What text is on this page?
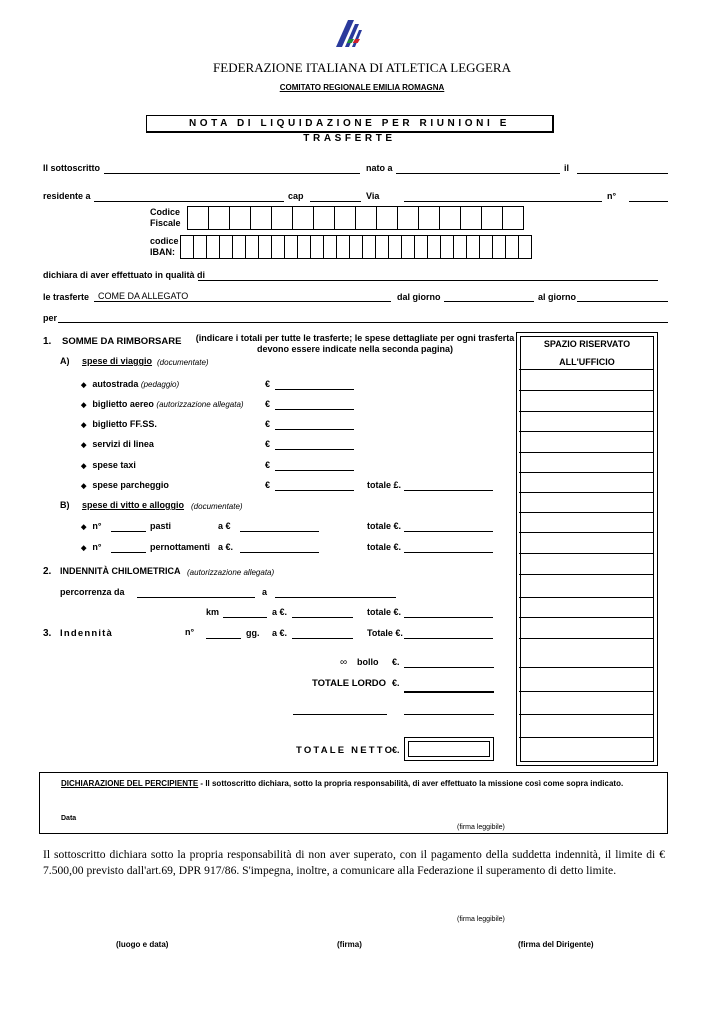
FEDERAZIONE ITALIANA DI ATLETICA LEGGERA
COMITATO REGIONALE EMILIA ROMAGNA
NOTA DI LIQUIDAZIONE PER RIUNIONI E TRASFERTE
Il sottoscritto	nato a	il
residente a	cap	Via	n°
Codice Fiscale
codice IBAN:
dichiara di aver effettuato in qualità di
le trasferte COME DA ALLEGATO	dal giorno	al giorno
per
1. SOMME DA RIMBORSARE	(indicare i totali per tutte le trasferte; le spese dettagliate per ogni trasferta
devono essere indicate nella seconda pagina)
A) spese di viaggio (documentate)
◆ autostrada (pedaggio)	€
◆ biglietto aereo (autorizzazione allegata) €
◆ biglietto FF.SS.	€
◆ servizi di linea	€
◆ spese taxi	€
◆ spese parcheggio	€	totale £.
B) spese di vitto e alloggio (documentate)
◆ n°	pasti	a €	totale €.
◆ n°	pernottamenti a €.	totale €.
2. INDENNITÀ CHILOMETRICA (autorizzazione allegata)
percorrenza da	a
km	a €.	totale €.
3. Indennità	n°	gg. a €.	Totale €.
∞ bollo €.
TOTALE LORDO €.
TOTALE NETTO
€.
SPAZIO RISERVATO
ALL'UFFICIO
DICHIARAZIONE DEL PERCIPIENTE - Il sottoscritto dichiara, sotto la propria responsabilità, di aver effettuato la missione così come sopra indicato.
Data
(firma leggibile)
Il sottoscritto dichiara sotto la propria responsabilità di non aver superato, con il pagamento della suddetta indennità, il limite di € 7.500,00 previsto dall'art.69, DPR 917/86. S'impegna, inoltre, a comunicare alla Federazione il superamento di detto limite.
(firma leggibile)
(luogo e data)	(firma)	(firma del Dirigente)
